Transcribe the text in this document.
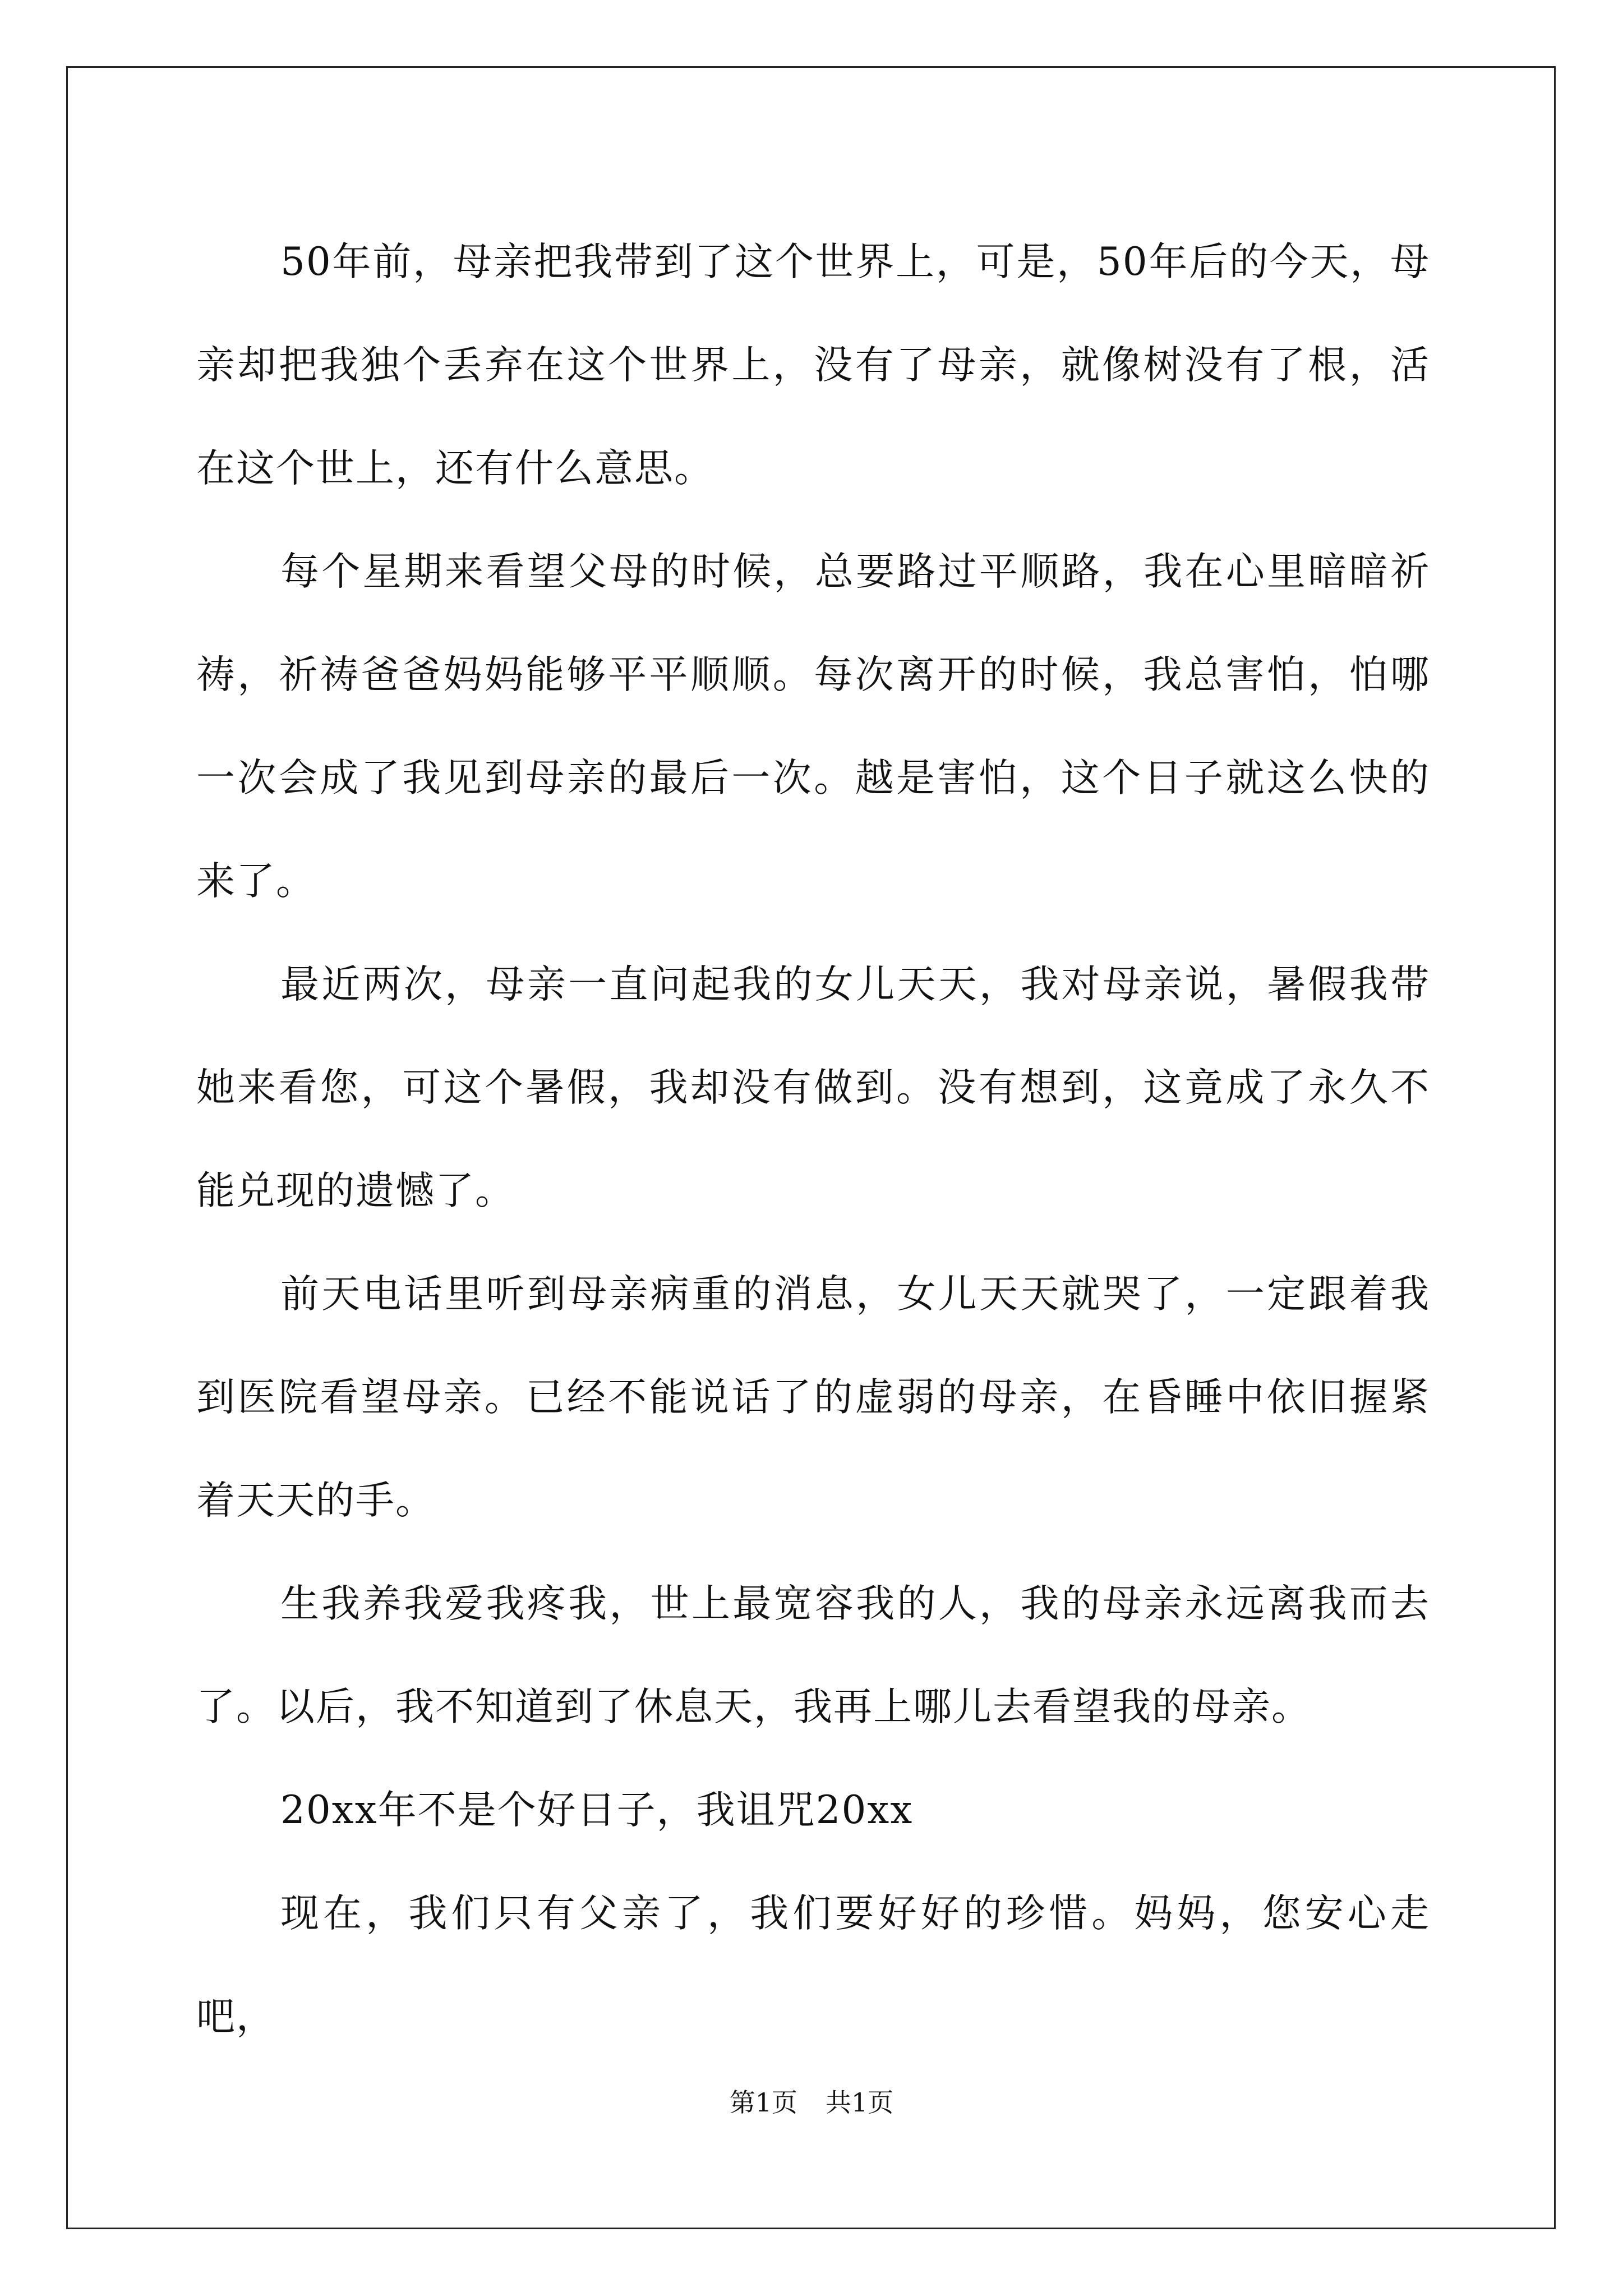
50年前，母亲把我带到了这个世界上，可是，50年后的今天，母亲却把我独个丢弃在这个世界上，没有了母亲，就像树没有了根，活在这个世上，还有什么意思。

每个星期来看望父母的时候，总要路过平顺路，我在心里暗暗祈祷，祈祷爸爸妈妈能够平平顺顺。每次离开的时候，我总害怕，怕哪一次会成了我见到母亲的最后一次。越是害怕，这个日子就这么快的来了。

最近两次，母亲一直问起我的女儿天天，我对母亲说，暑假我带她来看您，可这个暑假，我却没有做到。没有想到，这竟成了永久不能兑现的遗憾了。

前天电话里听到母亲病重的消息，女儿天天就哭了，一定跟着我到医院看望母亲。已经不能说话了的虚弱的母亲，在昏睡中依旧握紧着天天的手。

生我养我爱我疼我，世上最宽容我的人，我的母亲永远离我而去了。以后，我不知道到了休息天，我再上哪儿去看望我的母亲。

20xx年不是个好日子，我诅咒20xx

现在，我们只有父亲了，我们要好好的珍惜。妈妈，您安心走吧，

第1页 共1页
